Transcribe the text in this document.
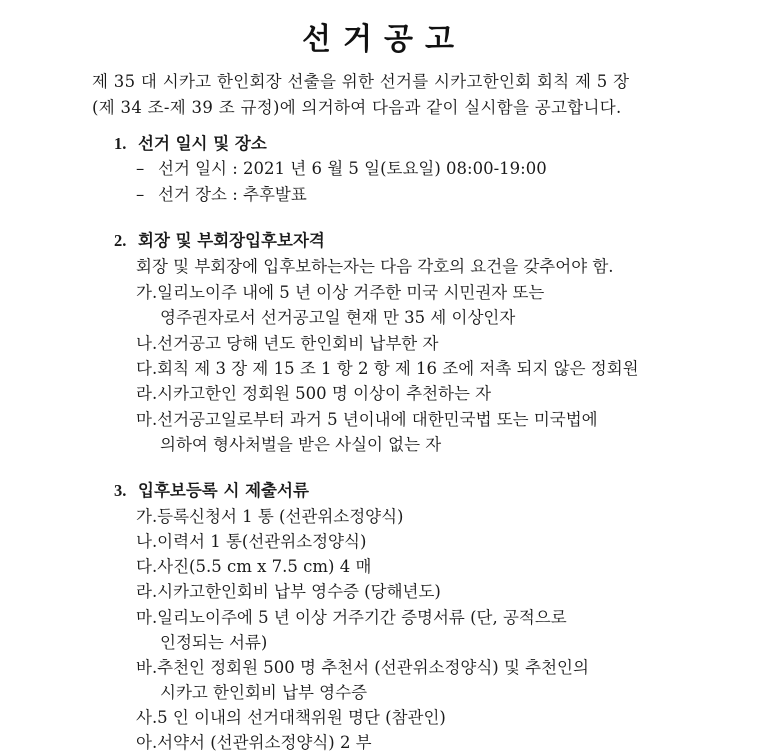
선거공고
제 35 대 시카고 한인회장 선출을 위한 선거를 시카고한인회 회칙 제 5 장
(제 34 조-제 39 조 규정)에 의거하여 다음과 같이 실시함을 공고합니다.
1. 선거 일시 및 장소
– 선거 일시 : 2021 년 6 월 5 일(토요일) 08:00-19:00
– 선거 장소 : 추후발표
2. 회장 및 부회장입후보자격
회장 및 부회장에 입후보하는자는 다음 각호의 요건을 갖추어야 함.
가.일리노이주 내에 5 년 이상 거주한 미국 시민권자 또는
영주권자로서 선거공고일 현재 만 35 세 이상인자
나.선거공고 당해 년도 한인회비 납부한 자
다.회칙 제 3 장 제 15 조 1 항 2 항 제 16 조에 저촉 되지 않은 정회원
라.시카고한인 정회원 500 명 이상이 추천하는 자
마.선거공고일로부터 과거 5 년이내에 대한민국법 또는 미국법에
의하여 형사처벌을 받은 사실이 없는 자
3. 입후보등록 시 제출서류
가.등록신청서 1 통 (선관위소정양식)
나.이력서 1 통(선관위소정양식)
다.사진(5.5 cm x 7.5 cm) 4 매
라.시카고한인회비 납부 영수증 (당해년도)
마.일리노이주에 5 년 이상 거주기간 증명서류 (단, 공적으로
인정되는 서류)
바.추천인 정회원 500 명 추천서 (선관위소정양식) 및 추천인의
시카고 한인회비 납부 영수증
사.5 인 이내의 선거대책위원 명단 (참관인)
아.서약서 (선관위소정양식) 2 부
